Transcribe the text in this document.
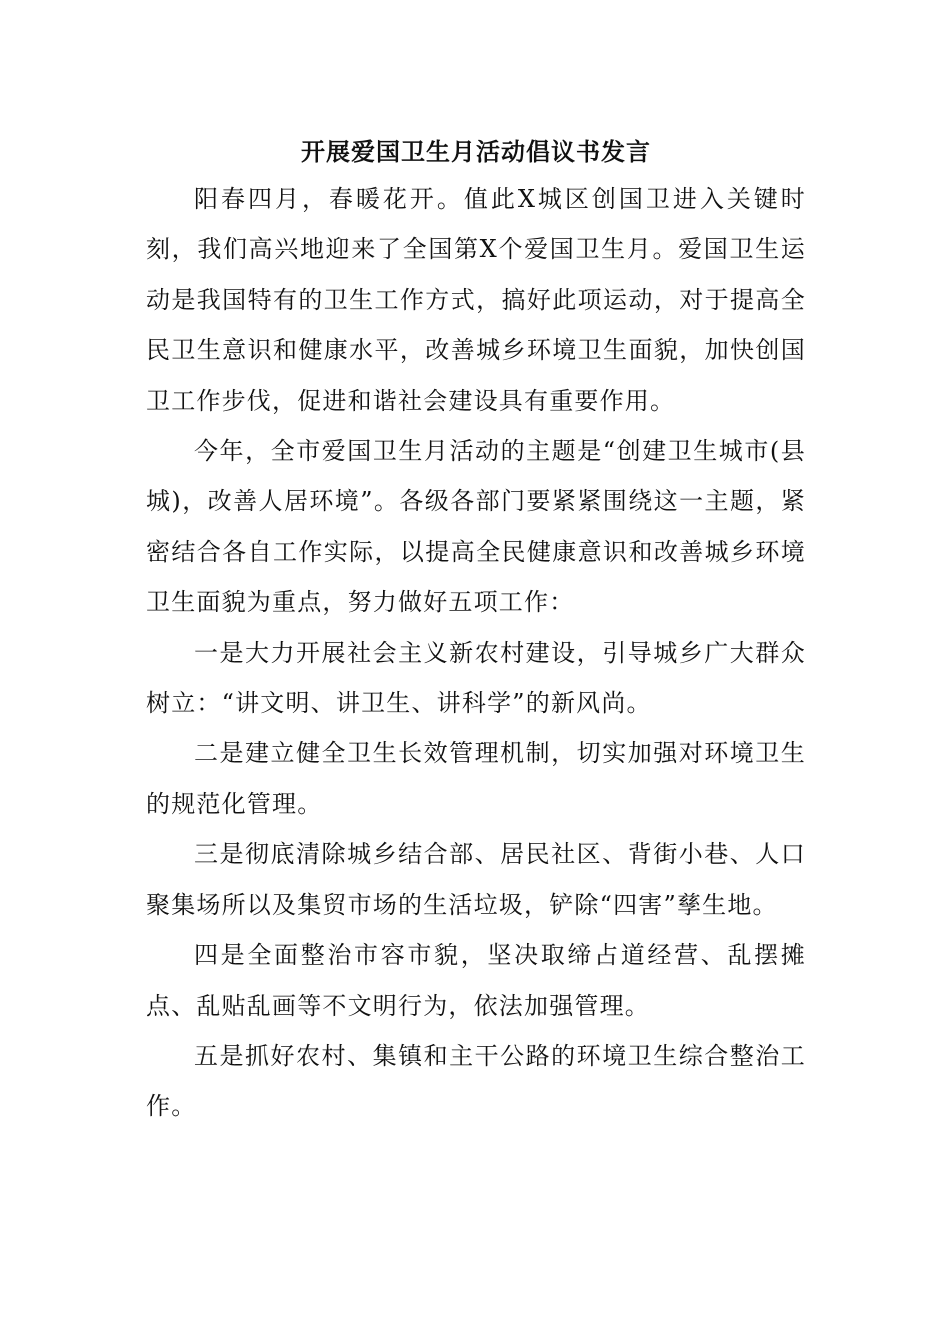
开展爱国卫生月活动倡议书发言

阳春四月，春暖花开。值此X城区创国卫进入关键时刻，我们高兴地迎来了全国第X个爱国卫生月。爱国卫生运动是我国特有的卫生工作方式，搞好此项运动，对于提高全民卫生意识和健康水平，改善城乡环境卫生面貌，加快创国卫工作步伐，促进和谐社会建设具有重要作用。

今年，全市爱国卫生月活动的主题是“创建卫生城市(县城)，改善人居环境”。各级各部门要紧紧围绕这一主题，紧密结合各自工作实际，以提高全民健康意识和改善城乡环境卫生面貌为重点，努力做好五项工作：

一是大力开展社会主义新农村建设，引导城乡广大群众树立：“讲文明、讲卫生、讲科学”的新风尚。

二是建立健全卫生长效管理机制，切实加强对环境卫生的规范化管理。

三是彻底清除城乡结合部、居民社区、背街小巷、人口聚集场所以及集贸市场的生活垃圾，铲除“四害”孳生地。

四是全面整治市容市貌，坚决取缔占道经营、乱摆摊点、乱贴乱画等不文明行为，依法加强管理。

五是抓好农村、集镇和主干公路的环境卫生综合整治工作。
